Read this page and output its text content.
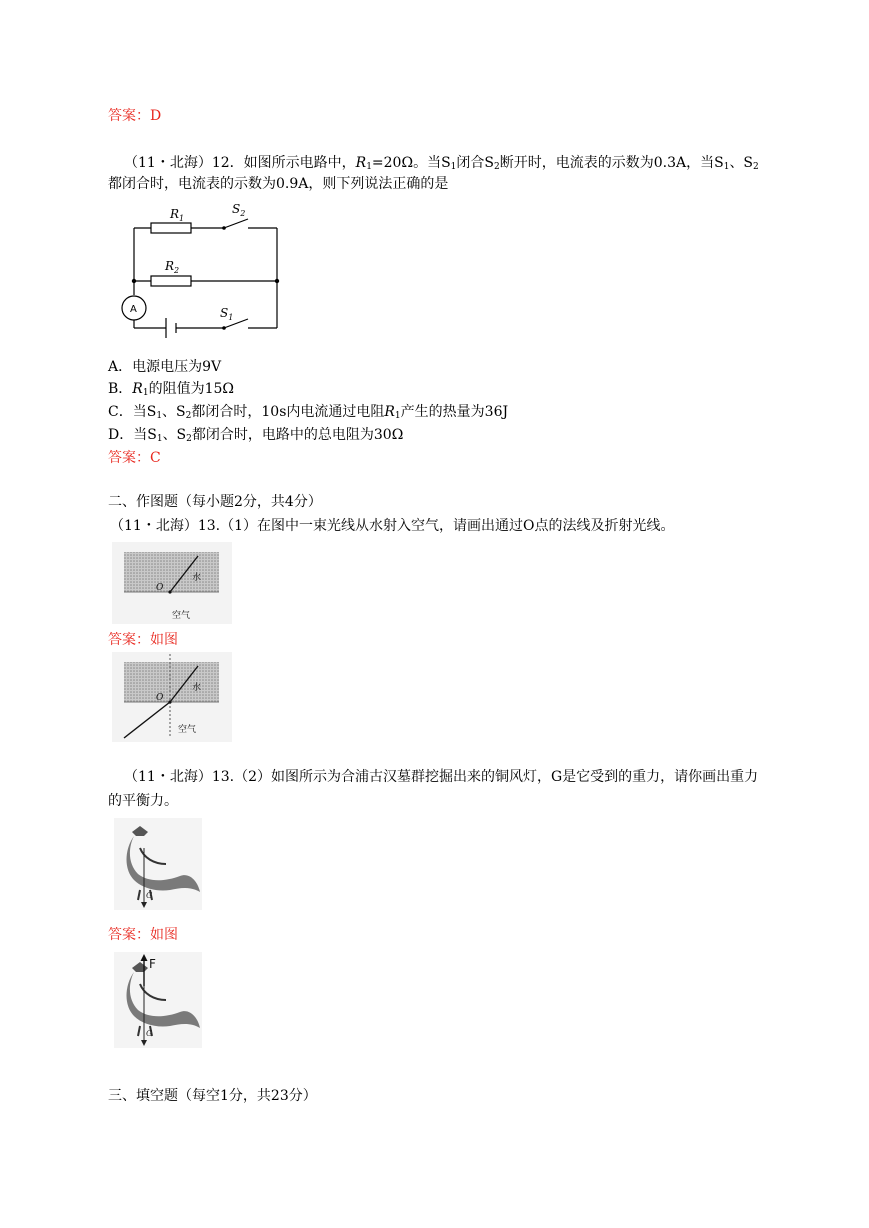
答案：D
（11・北海）12．如图所示电路中，$R_1=20\Omega$。当$S_1$闭合$S_2$断开时，电流表的示数为0.3A，当$S_1$、$S_2$
都闭合时，电流表的示数为0.9A，则下列说法正确的是
$R_1$
$S_2$
$R_2$
$S_1$
A
A．电源电压为9V
B．$R_1$的阻值为15Ω
C．当$S_1$、$S_2$都闭合时，10s内电流通过电阻$R_1$产生的热量为36J
D．当$S_1$、$S_2$都闭合时，电路中的总电阻为30Ω
答案：C
二、作图题（每小题2分，共4分）
（11・北海）13.（1）在图中一束光线从水射入空气，请画出通过O点的法线及折射光线。
O
水
空气
答案：如图
O
水
空气
（11・北海）13.（2）如图所示为合浦古汉墓群挖掘出来的铜风灯，G是它受到的重力，请你画出重力
的平衡力。
G
答案：如图
F
G
三、填空题（每空1分，共23分）
